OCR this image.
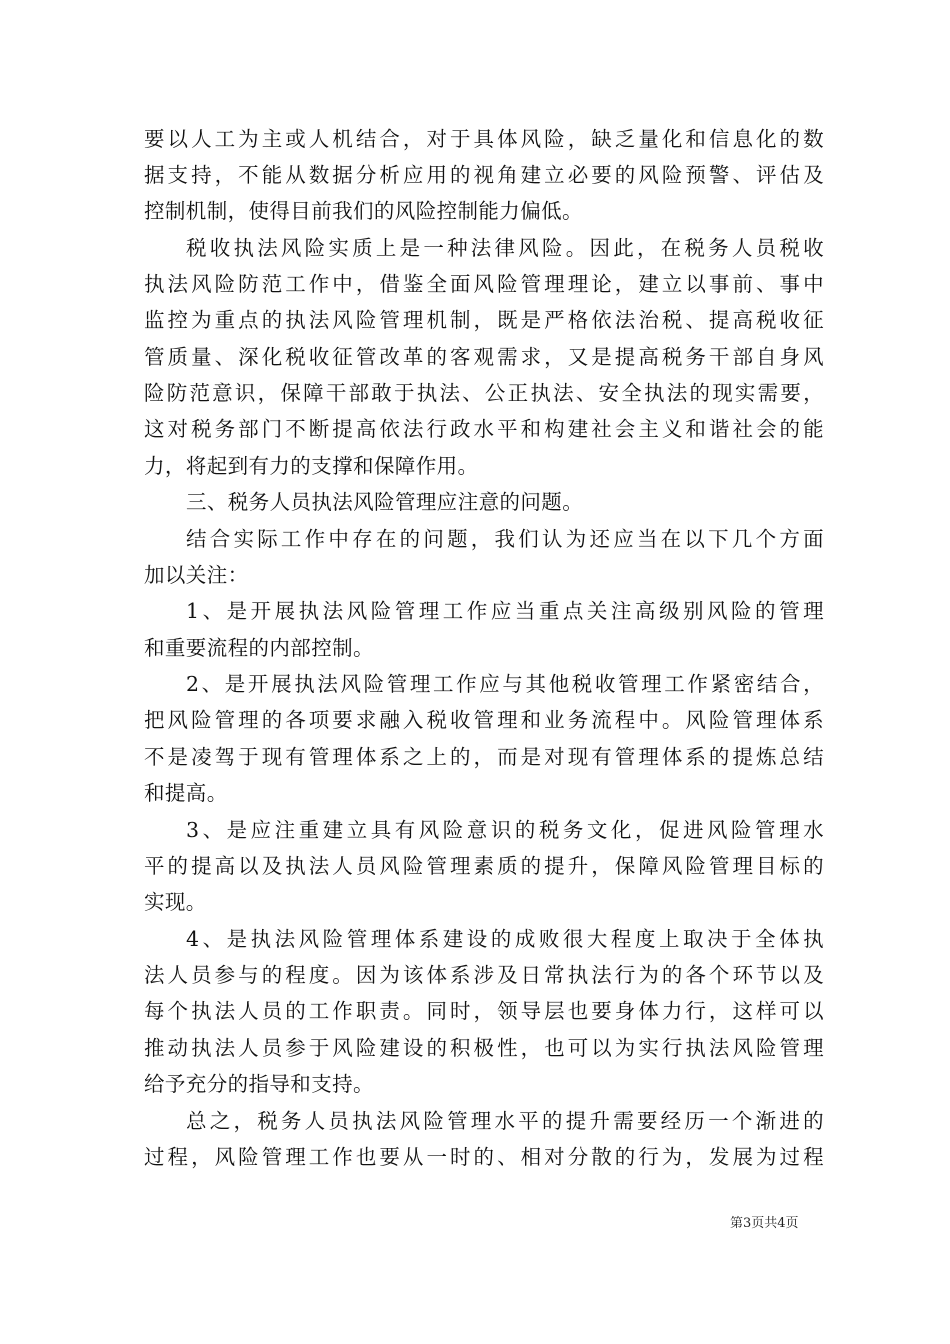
要以人工为主或人机结合，对于具体风险，缺乏量化和信息化的数
据支持，不能从数据分析应用的视角建立必要的风险预警、评估及
控制机制，使得目前我们的风险控制能力偏低。
税收执法风险实质上是一种法律风险。因此，在税务人员税收
执法风险防范工作中，借鉴全面风险管理理论，建立以事前、事中
监控为重点的执法风险管理机制，既是严格依法治税、提高税收征
管质量、深化税收征管改革的客观需求，又是提高税务干部自身风
险防范意识，保障干部敢于执法、公正执法、安全执法的现实需要，
这对税务部门不断提高依法行政水平和构建社会主义和谐社会的能
力，将起到有力的支撑和保障作用。
三、税务人员执法风险管理应注意的问题。
结合实际工作中存在的问题，我们认为还应当在以下几个方面
加以关注：
1、是开展执法风险管理工作应当重点关注高级别风险的管理
和重要流程的内部控制。
2、是开展执法风险管理工作应与其他税收管理工作紧密结合，
把风险管理的各项要求融入税收管理和业务流程中。风险管理体系
不是凌驾于现有管理体系之上的，而是对现有管理体系的提炼总结
和提高。
3、是应注重建立具有风险意识的税务文化，促进风险管理水
平的提高以及执法人员风险管理素质的提升，保障风险管理目标的
实现。
4、是执法风险管理体系建设的成败很大程度上取决于全体执
法人员参与的程度。因为该体系涉及日常执法行为的各个环节以及
每个执法人员的工作职责。同时，领导层也要身体力行，这样可以
推动执法人员参于风险建设的积极性，也可以为实行执法风险管理
给予充分的指导和支持。
总之，税务人员执法风险管理水平的提升需要经历一个渐进的
过程，风险管理工作也要从一时的、相对分散的行为，发展为过程
第3页共4页
